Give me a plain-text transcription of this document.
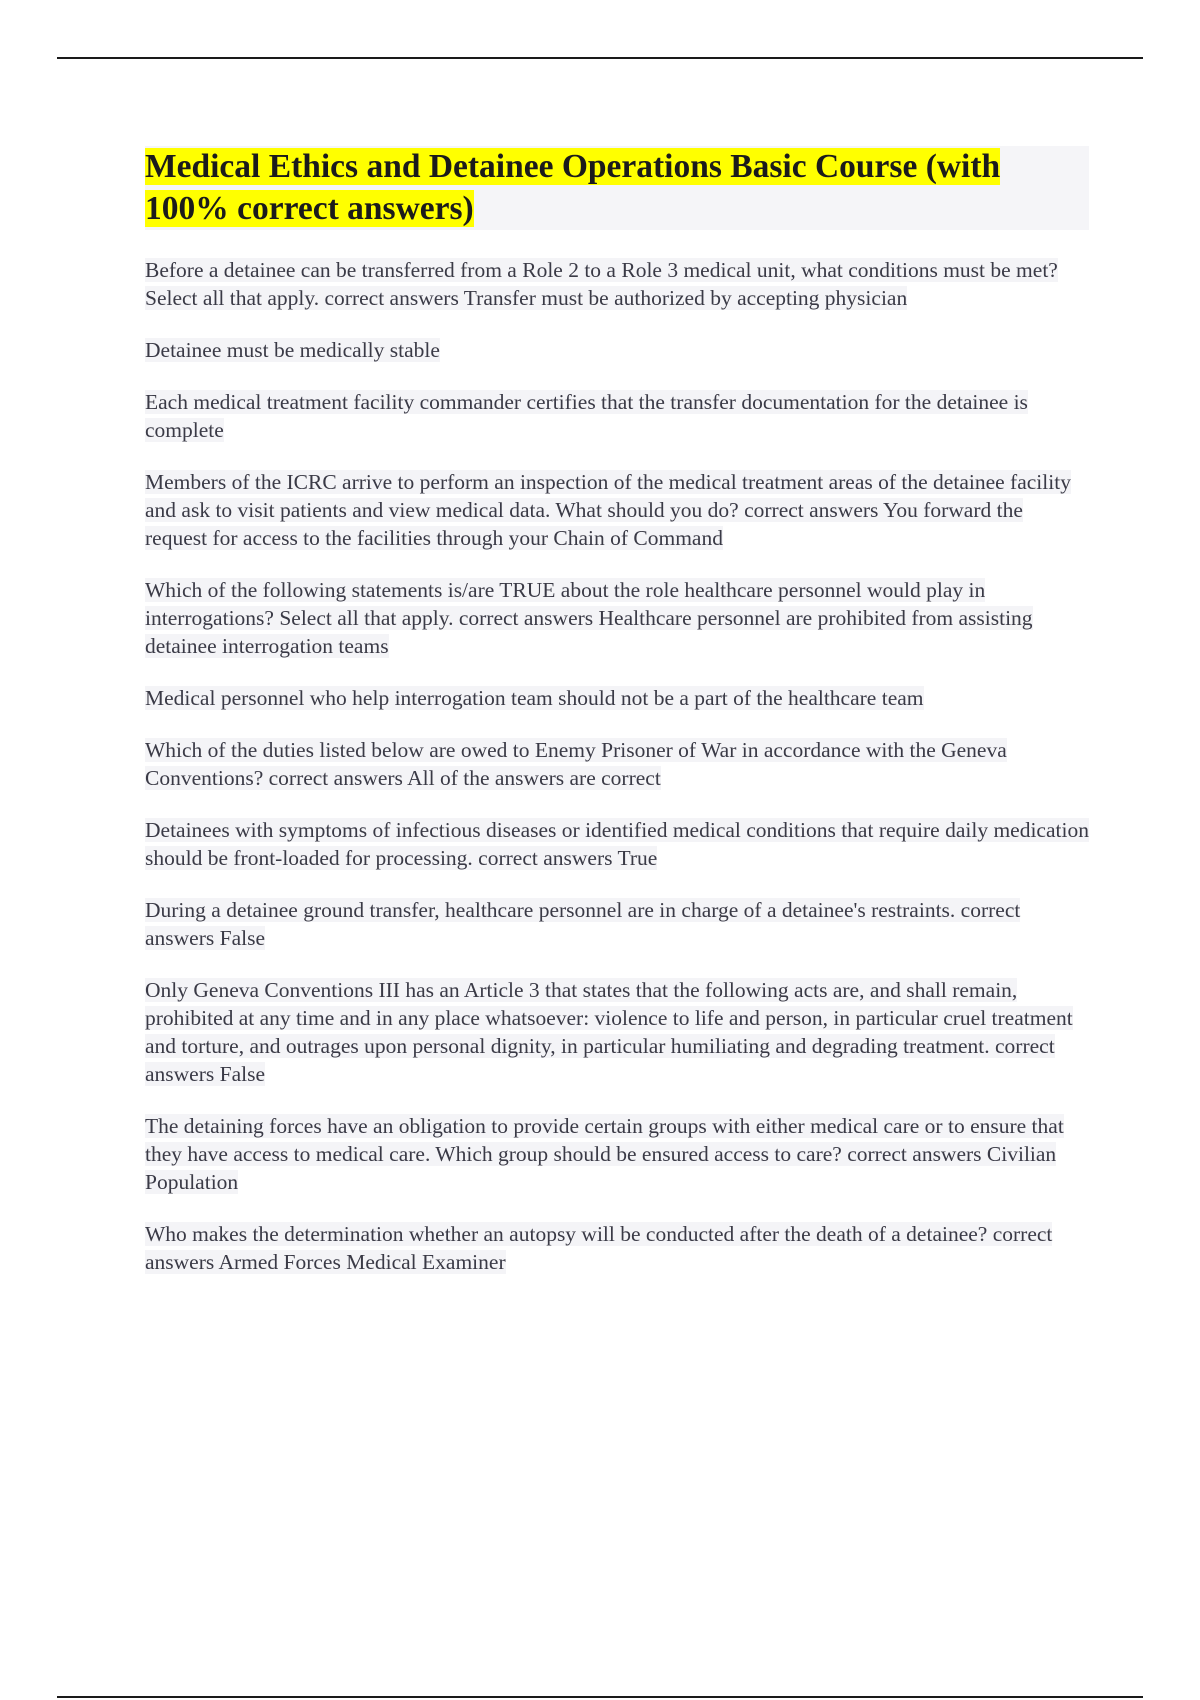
Medical Ethics and Detainee Operations Basic Course (with 100% correct answers)

Before a detainee can be transferred from a Role 2 to a Role 3 medical unit, what conditions must be met? Select all that apply. correct answers Transfer must be authorized by accepting physician

Detainee must be medically stable

Each medical treatment facility commander certifies that the transfer documentation for the detainee is complete

Members of the ICRC arrive to perform an inspection of the medical treatment areas of the detainee facility and ask to visit patients and view medical data. What should you do? correct answers You forward the request for access to the facilities through your Chain of Command

Which of the following statements is/are TRUE about the role healthcare personnel would play in interrogations? Select all that apply. correct answers Healthcare personnel are prohibited from assisting detainee interrogation teams

Medical personnel who help interrogation team should not be a part of the healthcare team

Which of the duties listed below are owed to Enemy Prisoner of War in accordance with the Geneva Conventions? correct answers All of the answers are correct

Detainees with symptoms of infectious diseases or identified medical conditions that require daily medication should be front-loaded for processing. correct answers True

During a detainee ground transfer, healthcare personnel are in charge of a detainee's restraints. correct answers False

Only Geneva Conventions III has an Article 3 that states that the following acts are, and shall remain, prohibited at any time and in any place whatsoever: violence to life and person, in particular cruel treatment and torture, and outrages upon personal dignity, in particular humiliating and degrading treatment. correct answers False

The detaining forces have an obligation to provide certain groups with either medical care or to ensure that they have access to medical care. Which group should be ensured access to care? correct answers Civilian Population

Who makes the determination whether an autopsy will be conducted after the death of a detainee? correct answers Armed Forces Medical Examiner
